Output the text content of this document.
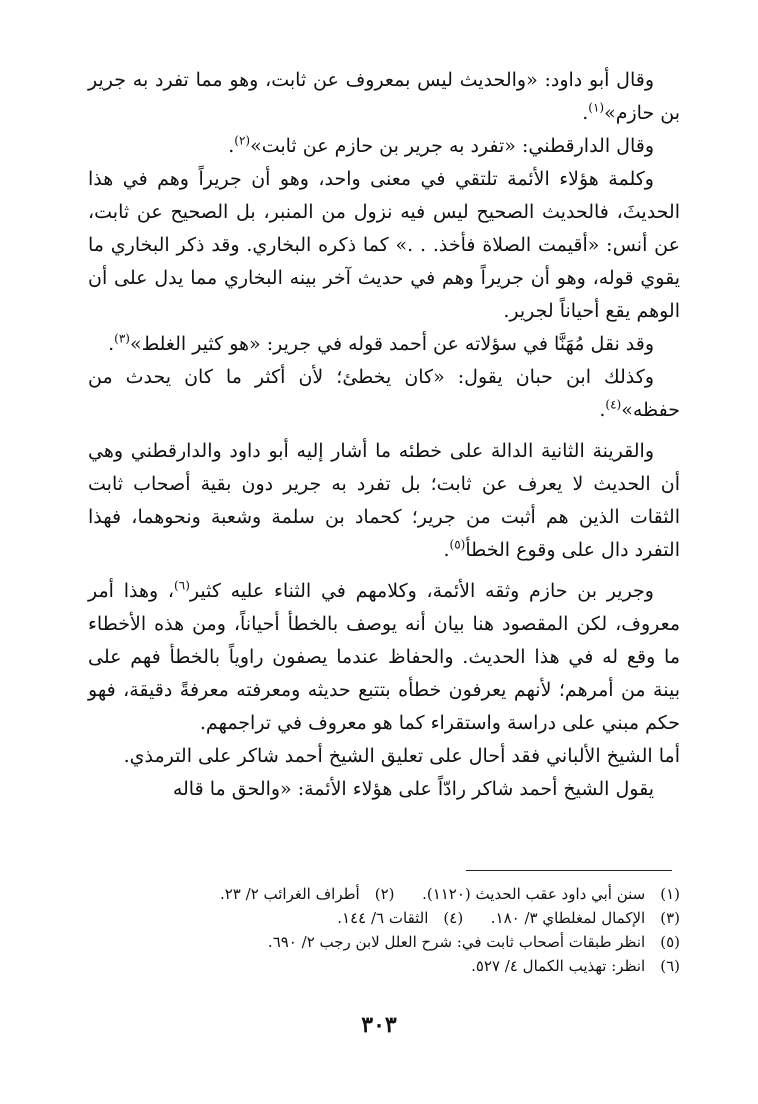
وقال أبو داود: «والحديث ليس بمعروف عن ثابت، وهو مما تفرد به جرير بن حازم»$^{(١)}$.

وقال الدارقطني: «تفرد به جرير بن حازم عن ثابت»$^{(٢)}$.

وكلمة هؤلاء الأئمة تلتقي في معنى واحد، وهو أن جريراً وهم في هذا الحديثَ، فالحديث الصحيح ليس فيه نزول من المنبر، بل الصحيح عن ثابت، عن أنس: «أقيمت الصلاة فأخذ. . .» كما ذكره البخاري. وقد ذكر البخاري ما يقوي قوله، وهو أن جريراً وهم في حديث آخر بينه البخاري مما يدل على أن الوهم يقع أحياناً لجرير.

وقد نقل مُهَنَّا في سؤلاته عن أحمد قوله في جرير: «هو كثير الغلط»$^{(٣)}$.

وكذلك ابن حبان يقول: «كان يخطئ؛ لأن أكثر ما كان يحدث من حفظه»$^{(٤)}$.

والقرينة الثانية الدالة على خطئه ما أشار إليه أبو داود والدارقطني وهي أن الحديث لا يعرف عن ثابت؛ بل تفرد به جرير دون بقية أصحاب ثابت الثقات الذين هم أثبت من جرير؛ كحماد بن سلمة وشعبة ونحوهما، فهذا التفرد دال على وقوع الخطأ$^{(٥)}$.

وجرير بن حازم وثقه الأئمة، وكلامهم في الثناء عليه كثير$^{(٦)}$، وهذا أمر معروف، لكن المقصود هنا بيان أنه يوصف بالخطأ أحياناً، ومن هذه الأخطاء ما وقع له في هذا الحديث. والحفاظ عندما يصفون راوياً بالخطأ فهم على بينة من أمرهم؛ لأنهم يعرفون خطأه بتتبع حديثه ومعرفته معرفةً دقيقة، فهو حكم مبني على دراسة واستقراء كما هو معروف في تراجمهم.

أما الشيخ الألباني فقد أحال على تعليق الشيخ أحمد شاكر على الترمذي.

يقول الشيخ أحمد شاكر رادّاً على هؤلاء الأئمة: «والحق ما قاله

(١) سنن أبي داود عقب الحديث (١١٢٠).  (٢) أطراف الغرائب ٢/ ٢٣.
(٣) الإكمال لمغلطاي ٣/ ١٨٠.  (٤) الثقات ٦/ ١٤٤.
(٥) انظر طبقات أصحاب ثابت في: شرح العلل لابن رجب ٢/ ٦٩٠.
(٦) انظر: تهذيب الكمال ٤/ ٥٢٧.
٣٠٣
